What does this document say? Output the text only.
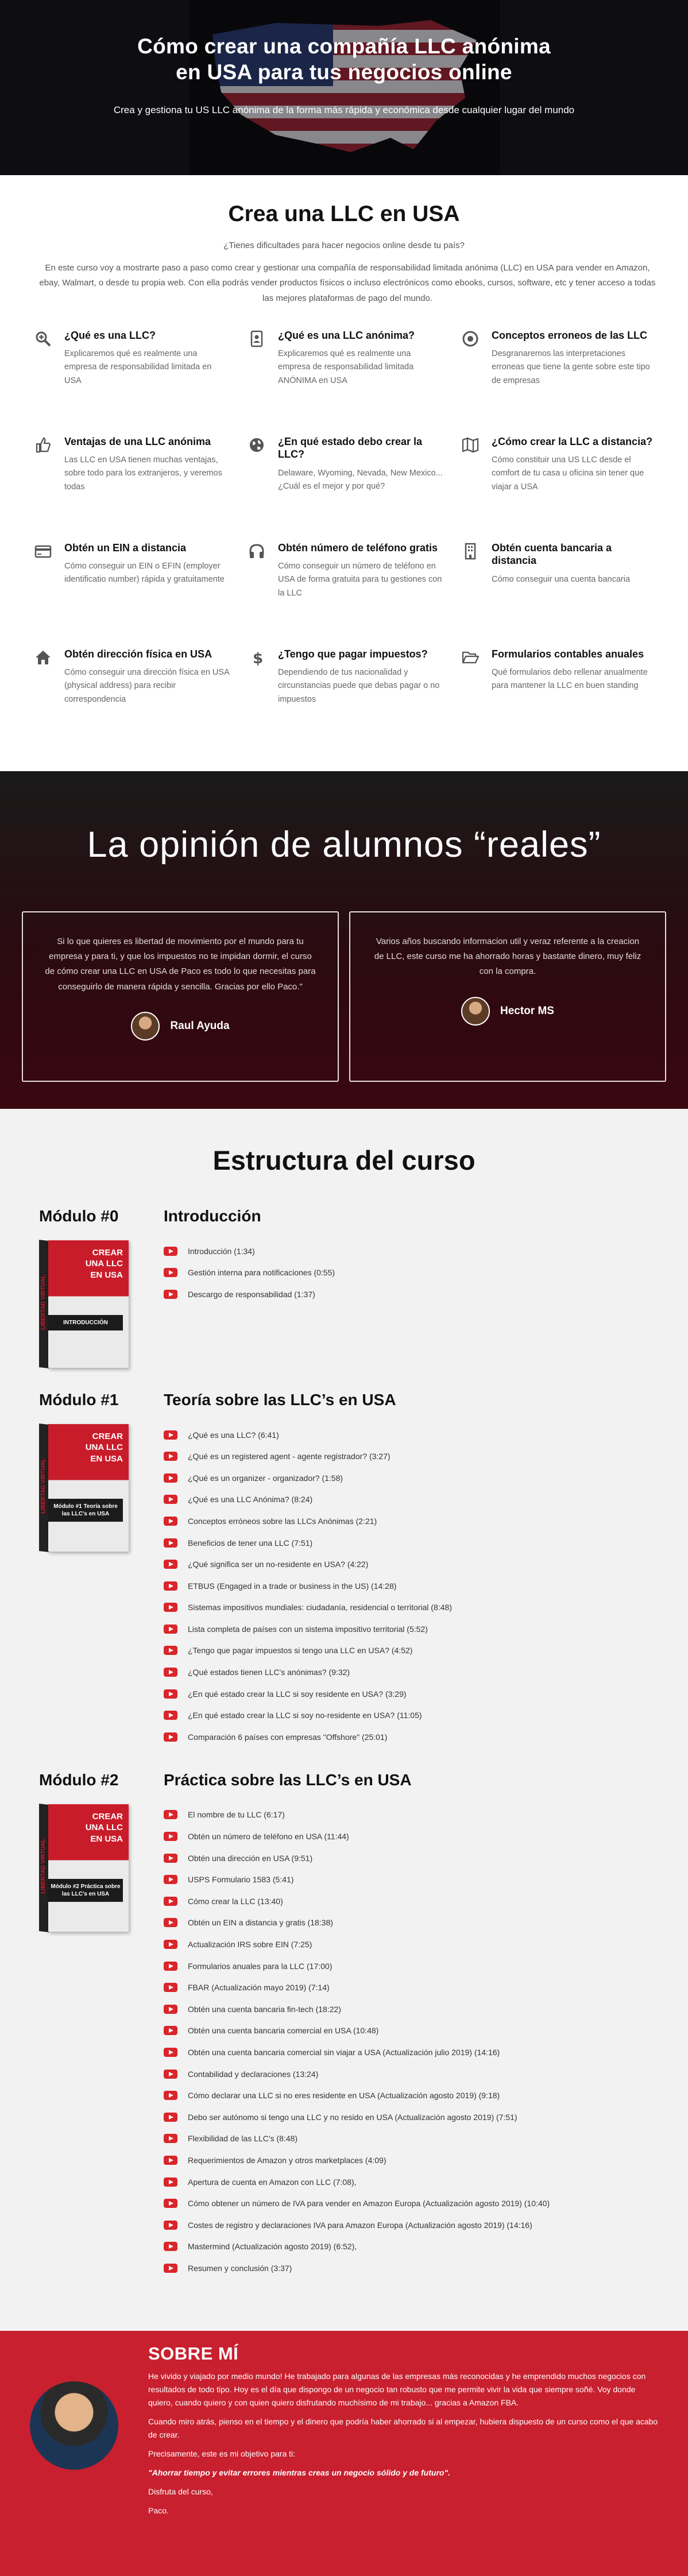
Cómo crear una compañía LLC anónima
en USA para tus negocios online

Crea y gestiona tu US LLC anónima de la forma más rápida y económica desde cualquier lugar del mundo

Crea una LLC en USA

¿Tienes dificultades para hacer negocios online desde tu país?

En este curso voy a mostrarte paso a paso como crear y gestionar una compañía de responsabilidad limitada anónima (LLC) en USA para vender en Amazon, ebay, Walmart, o desde tu propia web. Con ella podrás vender productos físicos o incluso electrónicos como ebooks, cursos, software, etc y tener acceso a todas las mejores plataformas de pago del mundo.

¿Qué es una LLC?

Explicaremos qué es realmente una empresa de responsabilidad limitada en USA

¿Qué es una LLC anónima?

Explicaremos qué es realmente una empresa de responsabilidad limitada ANÓNIMA en USA

Conceptos erroneos de las LLC

Desgranaremos las interpretaciones erroneas que tiene la gente sobre este tipo de empresas

Ventajas de una LLC anónima

Las LLC en USA tienen muchas ventajas, sobre todo para los extranjeros, y veremos todas

¿En qué estado debo crear la LLC?

Delaware, Wyoming, Nevada, New Mexico...¿Cuál es el mejor y por qué?

¿Cómo crear la LLC a distancia?

Cómo constituir una US LLC desde el comfort de tu casa u oficina sin tener que viajar a USA

Obtén un EIN a distancia

Cómo conseguir un EIN o EFIN (employer identificatio number) rápida y gratuitamente

Obtén número de teléfono gratis

Cómo conseguir un número de teléfono en USA de forma gratuita para tu gestiones con la LLC

Obtén cuenta bancaria a distancia

Cómo conseguir una cuenta bancaria

Obtén dirección física en USA

Cómo conseguir una dirección física en USA (physical address) para recibir correspondencia

$ ¿Tengo que pagar impuestos?

Dependiendo de tus nacionalidad y circunstancias puede que debas pagar o no impuestos

Formularios contables anuales

Qué formularios debo rellenar anualmente para mantener la LLC en buen standing

La opinión de alumnos “reales”

Si lo que quieres es libertad de movimiento por el mundo para tu empresa y para ti, y que los impuestos no te impidan dormir, el curso de cómo crear una LLC en USA de Paco es todo lo que necesitas para conseguirlo de manera rápida y sencilla. Gracias por ello Paco."

Raul Ayuda

Varios años buscando informacion util y veraz referente a la creacion de LLC, este curso me ha ahorrado horas y bastante dinero, muy feliz con la compra.

Hector MS
Estructura del curso
Módulo #0
CREAR UNA LLC EN USA
INTRODUCCIÓN
LIBERTAD VIRTUAL
Introducción
Introducción (1:34)
Gestión interna para notificaciones (0:55)
Descargo de responsabilidad (1:37)
Módulo #1
CREAR UNA LLC EN USA
Módulo #1 Teoría sobre las LLC's en USA
LIBERTAD VIRTUAL
Teoría sobre las LLC’s en USA
¿Qué es una LLC? (6:41)
¿Qué es un registered agent - agente registrador? (3:27)
¿Qué es un organizer - organizador? (1:58)
¿Qué es una LLC Anónima? (8:24)
Conceptos erróneos sobre las LLCs Anónimas (2:21)
Beneficios de tener una LLC (7:51)
¿Qué significa ser un no-residente en USA? (4:22)
ETBUS (Engaged in a trade or business in the US) (14:28)
Sistemas impositivos mundiales: ciudadanía, residencial o territorial (8:48)
Lista completa de países con un sistema impositivo territorial (5:52)
¿Tengo que pagar impuestos si tengo una LLC en USA? (4:52)
¿Qué estados tienen LLC's anónimas? (9:32)
¿En qué estado crear la LLC si soy residente en USA? (3:29)
¿En qué estado crear la LLC si soy no-residente en USA? (11:05)
Comparación 6 países con empresas "Offshore" (25:01)
Módulo #2
CREAR UNA LLC EN USA
Módulo #2 Práctica sobre las LLC's en USA
LIBERTAD VIRTUAL
Práctica sobre las LLC’s en USA
El nombre de tu LLC (6:17)
Obtén un número de teléfono en USA (11:44)
Obtén una dirección en USA (9:51)
USPS Formulario 1583 (5:41)
Cómo crear la LLC (13:40)
Obtén un EIN a distancia y gratis (18:38)
Actualización IRS sobre EIN (7:25)
Formularios anuales para la LLC (17:00)
FBAR (Actualización mayo 2019) (7:14)
Obtén una cuenta bancaria fin-tech (18:22)
Obtén una cuenta bancaria comercial en USA (10:48)
Obtén una cuenta bancaria comercial sin viajar a USA (Actualización julio 2019) (14:16)
Contabilidad y declaraciones (13:24)
Cómo declarar una LLC si no eres residente en USA (Actualización agosto 2019) (9:18)
Debo ser autónomo si tengo una LLC y no resido en USA (Actualización agosto 2019) (7:51)
Flexibilidad de las LLC's (8:48)
Requerimientos de Amazon y otros marketplaces (4:09)
Apertura de cuenta en Amazon con LLC (7:08),
Cómo obtener un número de IVA para vender en Amazon Europa (Actualización agosto 2019) (10:40)
Costes de registro y declaraciones IVA para Amazon Europa (Actualización agosto 2019) (14:16)
Mastermind (Actualización agosto 2019) (6:52),
Resumen y conclusión (3:37)
SOBRE MÍ

He vivido y viajado por medio mundo! He trabajado para algunas de las empresas más reconocidas y he emprendido muchos negocios con resultados de todo tipo. Hoy es el día que dispongo de un negocio tan robusto que me permite vivir la vida que siempre soñé. Voy donde quiero, cuando quiero y con quien quiero disfrutando muchísimo de mi trabajo... gracias a Amazon FBA.

Cuando miro atrás, pienso en el tiempo y el dinero que podría haber ahorrado si al empezar, hubiera dispuesto de un curso como el que acabo de crear.

Precisamente, este es mi objetivo para ti:

"Ahorrar tiempo y evitar errores mientras creas un negocio sólido y de futuro".

Disfruta del curso,

Paco.
